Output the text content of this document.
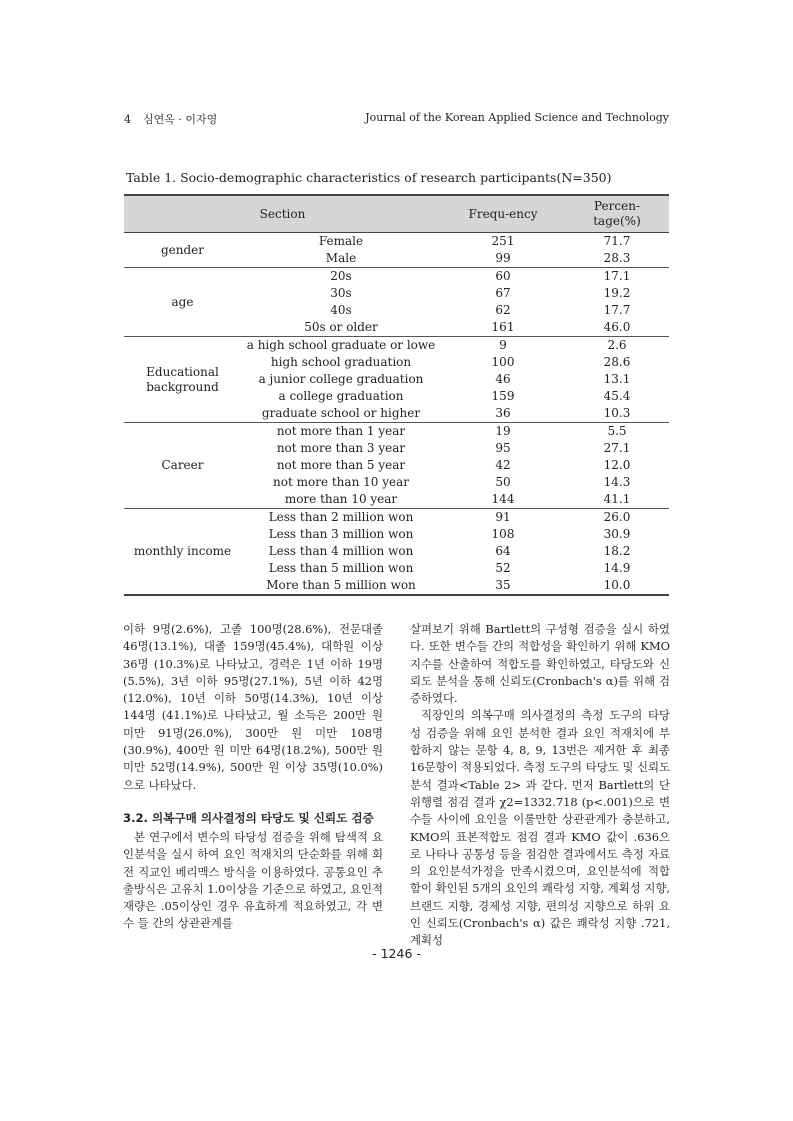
4 심연옥 · 이자영	Journal of the Korean Applied Science and Technology
Table 1. Socio-demographic characteristics of research participants(N=350)
Section		Frequ-ency	Percen-
tage(%)
gender	Female	251	71.7
	Male	99	28.3
age	20s	60	17.1
	30s	67	19.2
	40s	62	17.7
	50s or older	161	46.0
Educational background	a high school graduate or lowe	9	2.6
	high school graduation	100	28.6
	a junior college graduation	46	13.1
	a college graduation	159	45.4
	graduate school or higher	36	10.3
Career	not more than 1 year	19	5.5
	not more than 3 year	95	27.1
	not more than 5 year	42	12.0
	not more than 10 year	50	14.3
	more than 10 year	144	41.1
monthly income	Less than 2 million won	91	26.0
	Less than 3 million won	108	30.9
	Less than 4 million won	64	18.2
	Less than 5 million won	52	14.9
	More than 5 million won	35	10.0

이하 9명(2.6%), 고졸 100명(28.6%), 전문대졸 46명(13.1%), 대졸 159명(45.4%), 대학원 이상 36명 (10.3%)로 나타났고, 경력은 1년 이하 19명(5.5%), 3년 이하 95명(27.1%), 5년 이하 42명(12.0%), 10년 이하 50명(14.3%), 10년 이상 144명 (41.1%)로 나타났고, 월 소득은 200만 원 미만 91명(26.0%), 300만 원 미만 108명(30.9%), 400만 원 미만 64명(18.2%), 500만 원 미만 52명(14.9%), 500만 원 이상 35명(10.0%)으로 나타났다.

3.2. 의복구매 의사결정의 타당도 및 신뢰도 검증

본 연구에서 변수의 타당성 검증을 위해 탐색적 요인분석을 실시 하여 요인 적재치의 단순화를 위해 회전 직교인 베리맥스 방식을 이용하였다. 공통요인 추출방식은 고유치 1.0이상을 기준으로 하였고, 요인적재량은 .05이상인 경우 유효하게 적요하였고, 각 변수 들 간의 상관관계를

살펴보기 위해 Bartlett의 구성형 검증을 실시 하였다. 또한 변수들 간의 적합성을 확인하기 위해 KMO 지수를 산출하여 적합도를 확인하였고, 타당도와 신뢰도 분석을 통해 신뢰도(Cronbach's α)를 위해 검증하였다.

직장인의 의복구매 의사결정의 측정 도구의 타당성 검증을 위해 요인 분석한 결과 요인 적재치에 부합하지 않는 문항 4, 8, 9, 13번은 제거한 후 최종 16문항이 적용되었다. 측정 도구의 타당도 및 신뢰도 분석 결과<Table 2> 과 같다. 먼저 Bartlett의 단위행렬 점검 결과 χ2=1332.718 (p<.001)으로 변수들 사이에 요인을 이룰만한 상관관계가 충분하고, KMO의 표본적합도 점검 결과 KMO 값이 .636으로 나타나 공통성 등을 점검한 결과에서도 측정 자료의 요인분석가정을 만족시켰으며, 요인분석에 적합함이 확인된 5개의 요인의 쾌락성 지향, 계획성 지향, 브랜드 지향, 경제성 지향, 편의성 지향으로 하위 요인 신뢰도(Cronbach's α) 값은 쾌락성 지향 .721, 계획성

- 1246 -
